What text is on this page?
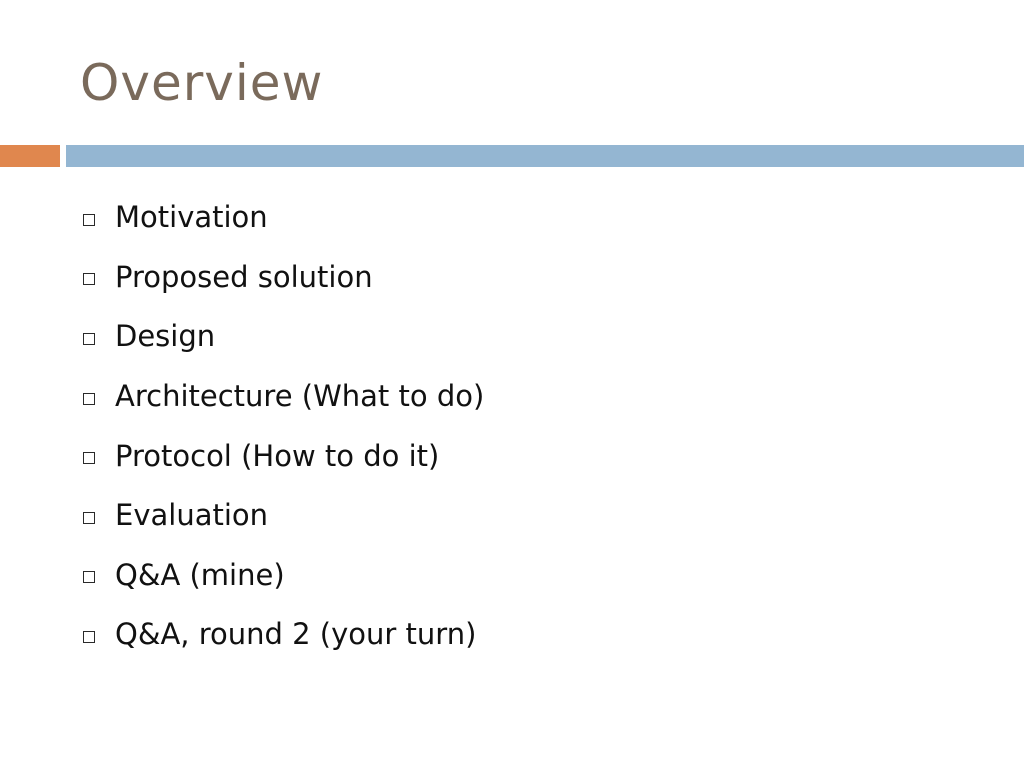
Overview
Motivation
Proposed solution
Design
Architecture (What to do)
Protocol (How to do it)
Evaluation
Q&A (mine)
Q&A, round 2 (your turn)
